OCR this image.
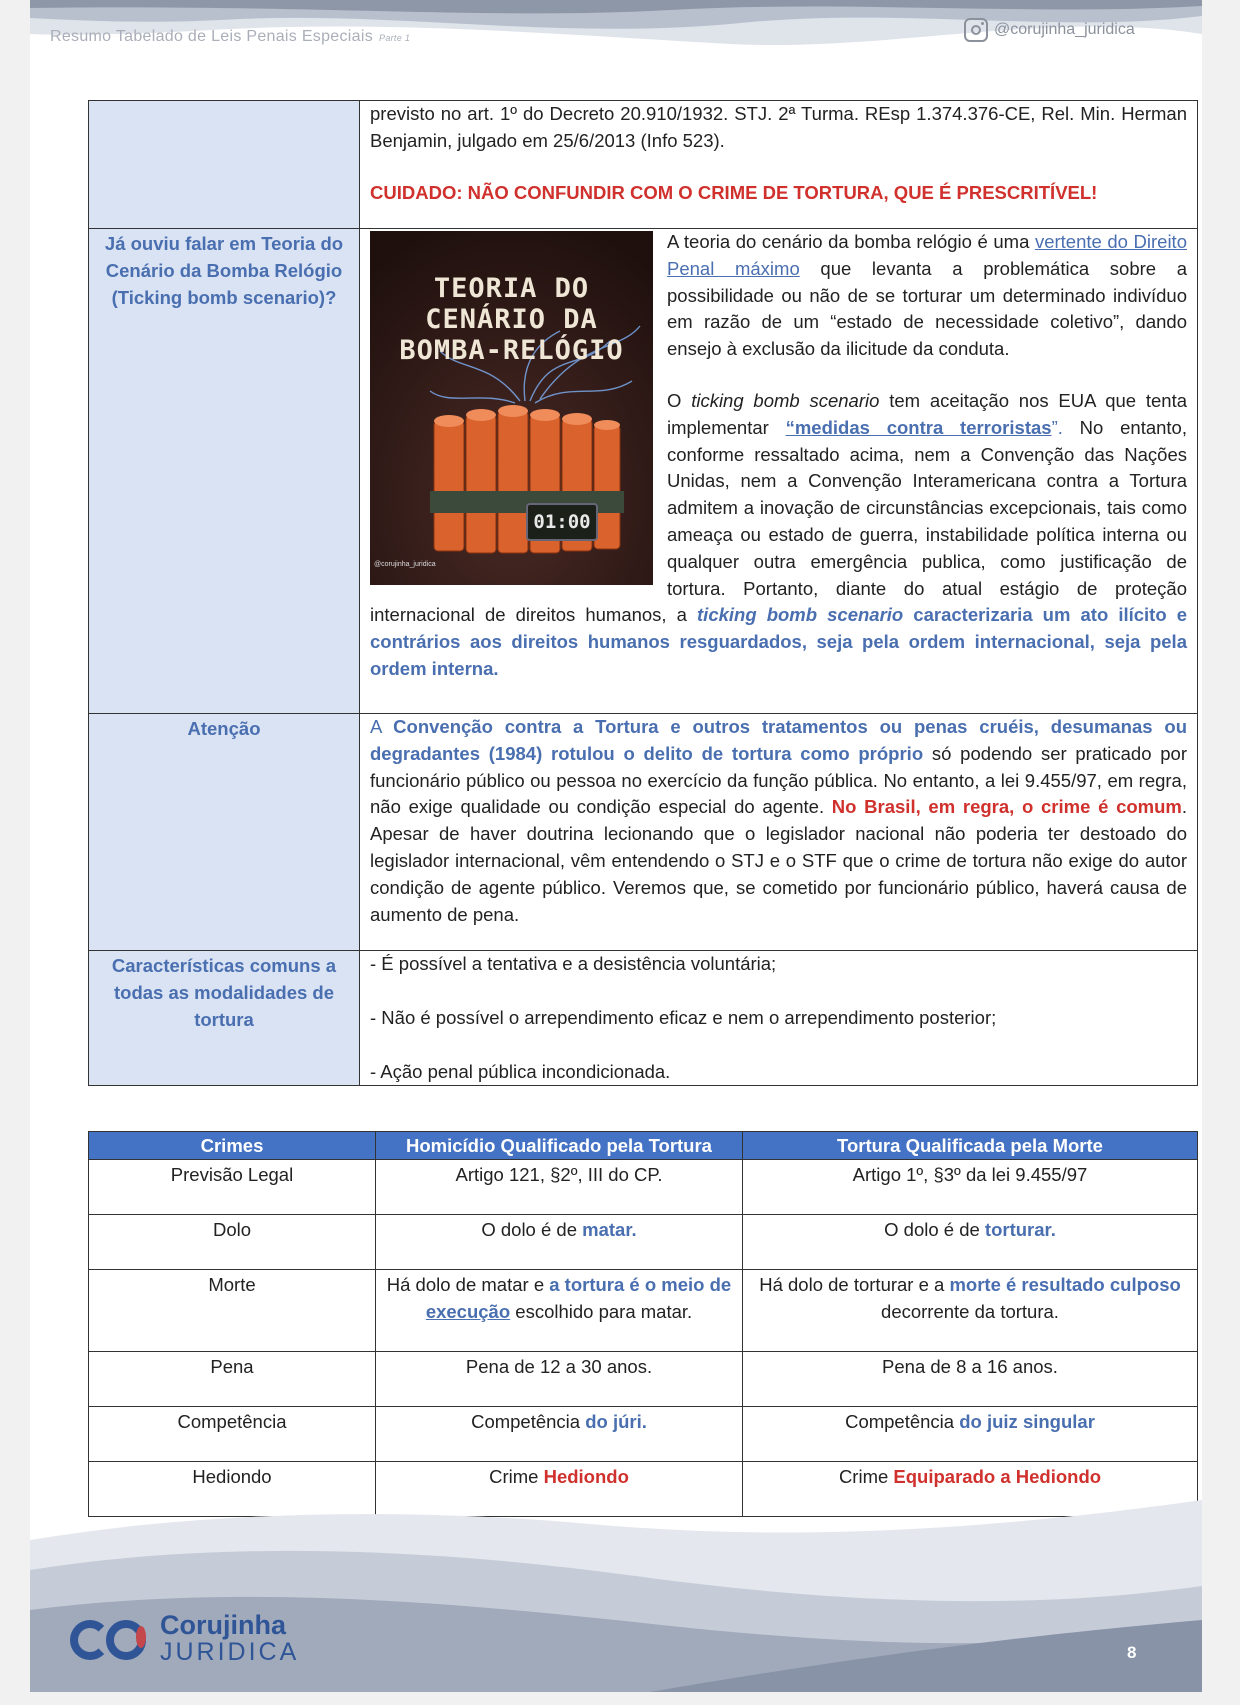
Resumo Tabelado de Leis Penais Especiais Parte 1	@corujinha_juridica

	previsto no art. 1º do Decreto 20.910/1932. STJ. 2ª Turma. REsp 1.374.376-CE, Rel. Min. Herman Benjamin, julgado em 25/6/2013 (Info 523).
CUIDADO: NÃO CONFUNDIR COM O CRIME DE TORTURA, QUE É PRESCRITÍVEL!

Já ouviu falar em Teoria do Cenário da Bomba Relógio (Ticking bomb scenario)?	TEORIA DO CENÁRIO DA BOMBA-RELÓGIO
01:00
@corujinha_juridica
A teoria do cenário da bomba relógio é uma vertente do Direito Penal máximo que levanta a problemática sobre a possibilidade ou não de se torturar um determinado indivíduo em razão de um “estado de necessidade coletivo”, dando ensejo à exclusão da ilicitude da conduta.
O ticking bomb scenario tem aceitação nos EUA que tenta implementar “medidas contra terroristas”. No entanto, conforme ressaltado acima, nem a Convenção das Nações Unidas, nem a Convenção Interamericana contra a Tortura admitem a inovação de circunstâncias excepcionais, tais como ameaça ou estado de guerra, instabilidade política interna ou qualquer outra emergência publica, como justificação de tortura. Portanto, diante do atual estágio de proteção internacional de direitos humanos, a ticking bomb scenario caracterizaria um ato ilícito e contrários aos direitos humanos resguardados, seja pela ordem internacional, seja pela ordem interna.

Atenção	A Convenção contra a Tortura e outros tratamentos ou penas cruéis, desumanas ou degradantes (1984) rotulou o delito de tortura como próprio só podendo ser praticado por funcionário público ou pessoa no exercício da função pública. No entanto, a lei 9.455/97, em regra, não exige qualidade ou condição especial do agente. No Brasil, em regra, o crime é comum. Apesar de haver doutrina lecionando que o legislador nacional não poderia ter destoado do legislador internacional, vêm entendendo o STJ e o STF que o crime de tortura não exige do autor condição de agente público. Veremos que, se cometido por funcionário público, haverá causa de aumento de pena.
Características comuns a todas as modalidades de tortura	- É possível a tentativa e a desistência voluntária;
- Não é possível o arrependimento eficaz e nem o arrependimento posterior;
- Ação penal pública incondicionada.
Crimes	Homicídio Qualificado pela Tortura	Tortura Qualificada pela Morte
Previsão Legal	Artigo 121, §2º, III do CP.	Artigo 1º, §3º da lei 9.455/97
Dolo	O dolo é de matar.	O dolo é de torturar.
Morte	Há dolo de matar e a tortura é o meio de execução escolhido para matar.	Há dolo de torturar e a morte é resultado culposo decorrente da tortura.
Pena	Pena de 12 a 30 anos.	Pena de 8 a 16 anos.
Competência	Competência do júri.	Competência do juiz singular
Hediondo	Crime Hediondo	Crime Equiparado a Hediondo
Corujinha
JURIDICA	8
